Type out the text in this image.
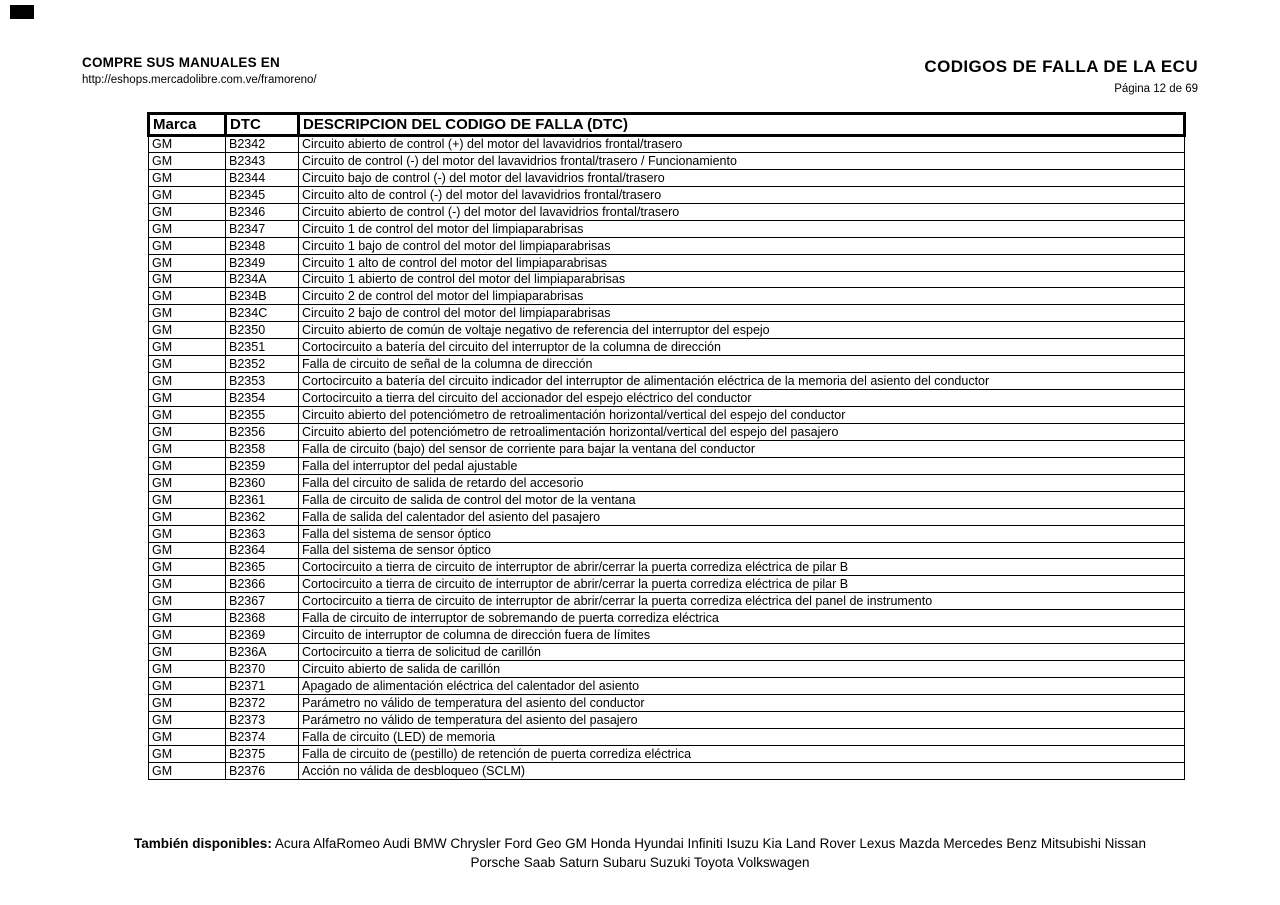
COMPRE SUS MANUALES EN
http://eshops.mercadolibre.com.ve/framoreno/
CODIGOS DE FALLA DE LA ECU
Página 12 de 69
Marca	DTC	DESCRIPCION DEL CODIGO DE FALLA (DTC)
GM	B2342	Circuito abierto de control (+) del motor del lavavidrios frontal/trasero
GM	B2343	Circuito de control (-) del motor del lavavidrios frontal/trasero / Funcionamiento
GM	B2344	Circuito bajo de control (-) del motor del lavavidrios frontal/trasero
GM	B2345	Circuito alto de control (-) del motor del lavavidrios frontal/trasero
GM	B2346	Circuito abierto de control (-) del motor del lavavidrios frontal/trasero
GM	B2347	Circuito 1 de control del motor del limpiaparabrisas
GM	B2348	Circuito 1 bajo de control del motor del limpiaparabrisas
GM	B2349	Circuito 1 alto de control del motor del limpiaparabrisas
GM	B234A	Circuito 1 abierto de control del motor del limpiaparabrisas
GM	B234B	Circuito 2 de control del motor del limpiaparabrisas
GM	B234C	Circuito 2 bajo de control del motor del limpiaparabrisas
GM	B2350	Circuito abierto de común de voltaje negativo de referencia del interruptor del espejo
GM	B2351	Cortocircuito a batería del circuito del interruptor de la columna de dirección
GM	B2352	Falla de circuito de señal de la columna de dirección
GM	B2353	Cortocircuito a batería del circuito indicador del interruptor de alimentación eléctrica de la memoria del asiento del conductor
GM	B2354	Cortocircuito a tierra del circuito del accionador del espejo eléctrico del conductor
GM	B2355	Circuito abierto del potenciómetro de retroalimentación horizontal/vertical del espejo del conductor
GM	B2356	Circuito abierto del potenciómetro de retroalimentación horizontal/vertical del espejo del pasajero
GM	B2358	Falla de circuito (bajo) del sensor de corriente para bajar la ventana del conductor
GM	B2359	Falla del interruptor del pedal ajustable
GM	B2360	Falla del circuito de salida de retardo del accesorio
GM	B2361	Falla de circuito de salida de control del motor de la ventana
GM	B2362	Falla de salida del calentador del asiento del pasajero
GM	B2363	Falla del sistema de sensor óptico
GM	B2364	Falla del sistema de sensor óptico
GM	B2365	Cortocircuito a tierra de circuito de interruptor de abrir/cerrar la puerta corrediza eléctrica de pilar B
GM	B2366	Cortocircuito a tierra de circuito de interruptor de abrir/cerrar la puerta corrediza eléctrica de pilar B
GM	B2367	Cortocircuito a tierra de circuito de interruptor de abrir/cerrar la puerta corrediza eléctrica del panel de instrumento
GM	B2368	Falla de circuito de interruptor de sobremando de puerta corrediza eléctrica
GM	B2369	Circuito de interruptor de columna de dirección fuera de límites
GM	B236A	Cortocircuito a tierra de solicitud de carillón
GM	B2370	Circuito abierto de salida de carillón
GM	B2371	Apagado de alimentación eléctrica del calentador del asiento
GM	B2372	Parámetro no válido de temperatura del asiento del conductor
GM	B2373	Parámetro no válido de temperatura del asiento del pasajero
GM	B2374	Falla de circuito (LED) de memoria
GM	B2375	Falla de circuito de (pestillo) de retención de puerta corrediza eléctrica
GM	B2376	Acción no válida de desbloqueo (SCLM)
También disponibles: Acura AlfaRomeo Audi BMW Chrysler Ford Geo GM Honda Hyundai Infiniti Isuzu Kia Land Rover Lexus Mazda Mercedes Benz Mitsubishi Nissan
Porsche Saab Saturn Subaru Suzuki Toyota Volkswagen
